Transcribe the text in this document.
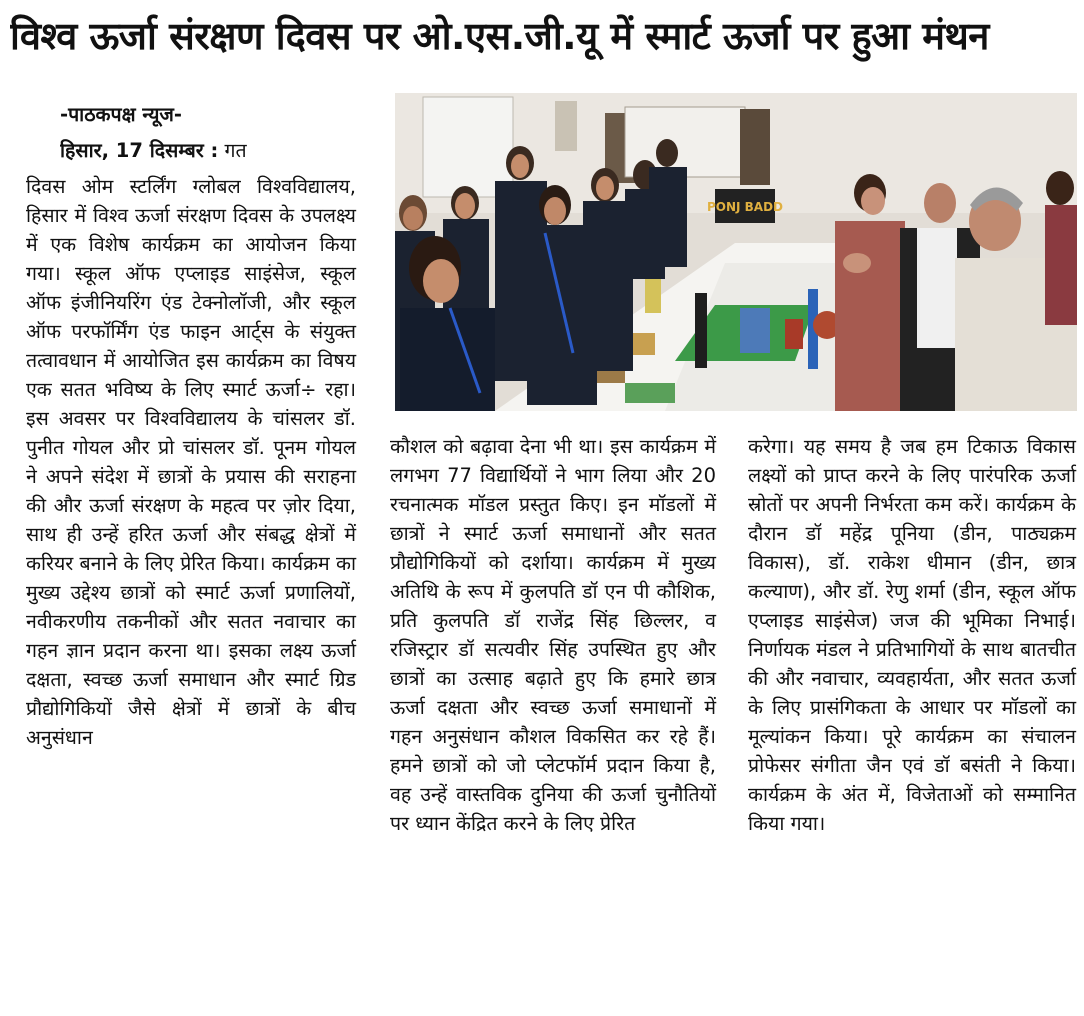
विश्व ऊर्जा संरक्षण दिवस पर ओ.एस.जी.यू में स्मार्ट ऊर्जा पर हुआ मंथन
-पाठकपक्ष न्यूज-
हिसार, 17 दिसम्बर : गत

दिवस ओम स्टर्लिंग ग्लोबल विश्वविद्यालय, हिसार में विश्व ऊर्जा संरक्षण दिवस के उपलक्ष्य में एक विशेष कार्यक्रम का आयोजन किया गया। स्कूल ऑफ एप्लाइड साइंसेज, स्कूल ऑफ इंजीनियरिंग एंड टेक्नोलॉजी, और स्कूल ऑफ परफॉर्मिंग एंड फाइन आर्ट्स के संयुक्त तत्वावधान में आयोजित इस कार्यक्रम का विषय एक सतत भविष्य के लिए स्मार्ट ऊर्जा÷ रहा। इस अवसर पर विश्वविद्यालय के चांसलर डॉ. पुनीत गोयल और प्रो चांसलर डॉ. पूनम गोयल ने अपने संदेश में छात्रों के प्रयास की सराहना की और ऊर्जा संरक्षण के महत्व पर ज़ोर दिया, साथ ही उन्हें हरित ऊर्जा और संबद्ध क्षेत्रों में करियर बनाने के लिए प्रेरित किया। कार्यक्रम का मुख्य उद्देश्य छात्रों को स्मार्ट ऊर्जा प्रणालियों, नवीकरणीय तकनीकों और सतत नवाचार का गहन ज्ञान प्रदान करना था। इसका लक्ष्य ऊर्जा दक्षता, स्वच्छ ऊर्जा समाधान और स्मार्ट ग्रिड प्रौद्योगिकियों जैसे क्षेत्रों में छात्रों के बीच अनुसंधान

PONJ BADD

कौशल को बढ़ावा देना भी था। इस कार्यक्रम में लगभग 77 विद्यार्थियों ने भाग लिया और 20 रचनात्मक मॉडल प्रस्तुत किए। इन मॉडलों में छात्रों ने स्मार्ट ऊर्जा समाधानों और सतत प्रौद्योगिकियों को दर्शाया। कार्यक्रम में मुख्य अतिथि के रूप में कुलपति डॉ एन पी कौशिक, प्रति कुलपति डॉ राजेंद्र सिंह छिल्लर, व रजिस्ट्रार डॉ सत्यवीर सिंह उपस्थित हुए और छात्रों का उत्साह बढ़ाते हुए कि हमारे छात्र ऊर्जा दक्षता और स्वच्छ ऊर्जा समाधानों में गहन अनुसंधान कौशल विकसित कर रहे हैं। हमने छात्रों को जो प्लेटफॉर्म प्रदान किया है, वह उन्हें वास्तविक दुनिया की ऊर्जा चुनौतियों पर ध्यान केंद्रित करने के लिए प्रेरित

करेगा। यह समय है जब हम टिकाऊ विकास लक्ष्यों को प्राप्त करने के लिए पारंपरिक ऊर्जा स्रोतों पर अपनी निर्भरता कम करें। कार्यक्रम के दौरान डॉ महेंद्र पूनिया (डीन, पाठ्यक्रम विकास), डॉ. राकेश धीमान (डीन, छात्र कल्याण), और डॉ. रेणु शर्मा (डीन, स्कूल ऑफ एप्लाइड साइंसेज) जज की भूमिका निभाई। निर्णायक मंडल ने प्रतिभागियों के साथ बातचीत की और नवाचार, व्यवहार्यता, और सतत ऊर्जा के लिए प्रासंगिकता के आधार पर मॉडलों का मूल्यांकन किया। पूरे कार्यक्रम का संचालन प्रोफेसर संगीता जैन एवं डॉ बसंती ने किया। कार्यक्रम के अंत में, विजेताओं को सम्मानित किया गया।
